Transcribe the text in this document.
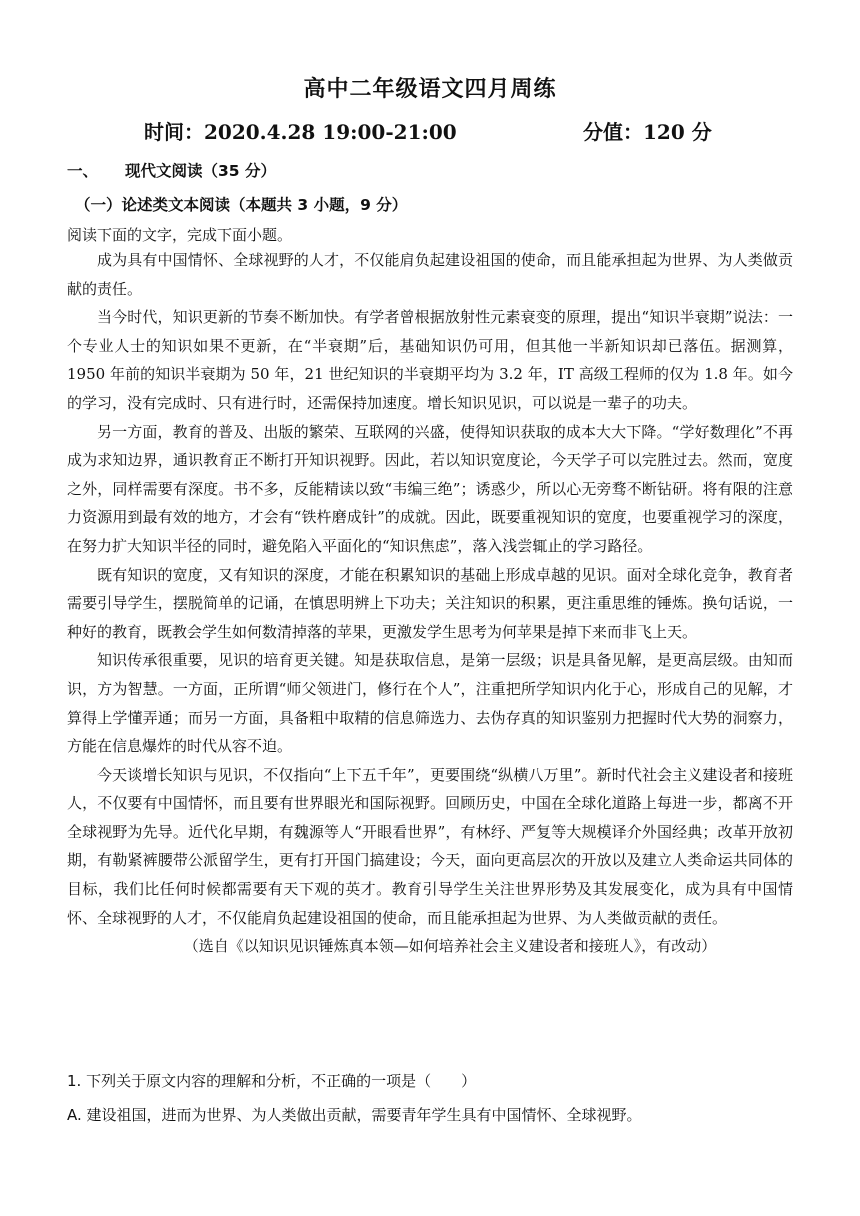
高中二年级语文四月周练
时间：2020.4.28 19:00-21:00	分值：120 分
一、 现代文阅读（35 分）
（一）论述类文本阅读（本题共 3 小题，9 分）
阅读下面的文字，完成下面小题。

成为具有中国情怀、全球视野的人才，不仅能肩负起建设祖国的使命，而且能承担起为世界、为人类做贡献的责任。

当今时代，知识更新的节奏不断加快。有学者曾根据放射性元素衰变的原理，提出“知识半衰期”说法：一个专业人士的知识如果不更新，在“半衰期”后，基础知识仍可用，但其他一半新知识却已落伍。据测算，1950 年前的知识半衰期为 50 年，21 世纪知识的半衰期平均为 3.2 年，IT 高级工程师的仅为 1.8 年。如今的学习，没有完成时、只有进行时，还需保持加速度。增长知识见识，可以说是一辈子的功夫。

另一方面，教育的普及、出版的繁荣、互联网的兴盛，使得知识获取的成本大大下降。“学好数理化”不再成为求知边界，通识教育正不断打开知识视野。因此，若以知识宽度论，今天学子可以完胜过去。然而，宽度之外，同样需要有深度。书不多，反能精读以致“韦编三绝”；诱惑少，所以心无旁骛不断钻研。将有限的注意力资源用到最有效的地方，才会有“铁杵磨成针”的成就。因此，既要重视知识的宽度，也要重视学习的深度，在努力扩大知识半径的同时，避免陷入平面化的“知识焦虑”，落入浅尝辄止的学习路径。

既有知识的宽度，又有知识的深度，才能在积累知识的基础上形成卓越的见识。面对全球化竞争，教育者需要引导学生，摆脱简单的记诵，在慎思明辨上下功夫；关注知识的积累，更注重思维的锤炼。换句话说，一种好的教育，既教会学生如何数清掉落的苹果，更激发学生思考为何苹果是掉下来而非飞上天。

知识传承很重要，见识的培育更关键。知是获取信息，是第一层级；识是具备见解，是更高层级。由知而识，方为智慧。一方面，正所谓“师父领进门，修行在个人”，注重把所学知识内化于心，形成自己的见解，才算得上学懂弄通；而另一方面，具备粗中取精的信息筛选力、去伪存真的知识鉴别力把握时代大势的洞察力，方能在信息爆炸的时代从容不迫。

今天谈增长知识与见识，不仅指向“上下五千年”，更要围绕“纵横八万里”。新时代社会主义建设者和接班人，不仅要有中国情怀，而且要有世界眼光和国际视野。回顾历史，中国在全球化道路上每进一步，都离不开全球视野为先导。近代化早期，有魏源等人“开眼看世界”，有林纾、严复等大规模译介外国经典；改革开放初期，有勒紧裤腰带公派留学生，更有打开国门搞建设；今天，面向更高层次的开放以及建立人类命运共同体的目标，我们比任何时候都需要有天下观的英才。教育引导学生关注世界形势及其发展变化，成为具有中国情怀、全球视野的人才，不仅能肩负起建设祖国的使命，而且能承担起为世界、为人类做贡献的责任。

（选自《以知识见识锤炼真本领—如何培养社会主义建设者和接班人》，有改动）

1. 下列关于原文内容的理解和分析，不正确的一项是（　　）
A. 建设祖国，进而为世界、为人类做出贡献，需要青年学生具有中国情怀、全球视野。
